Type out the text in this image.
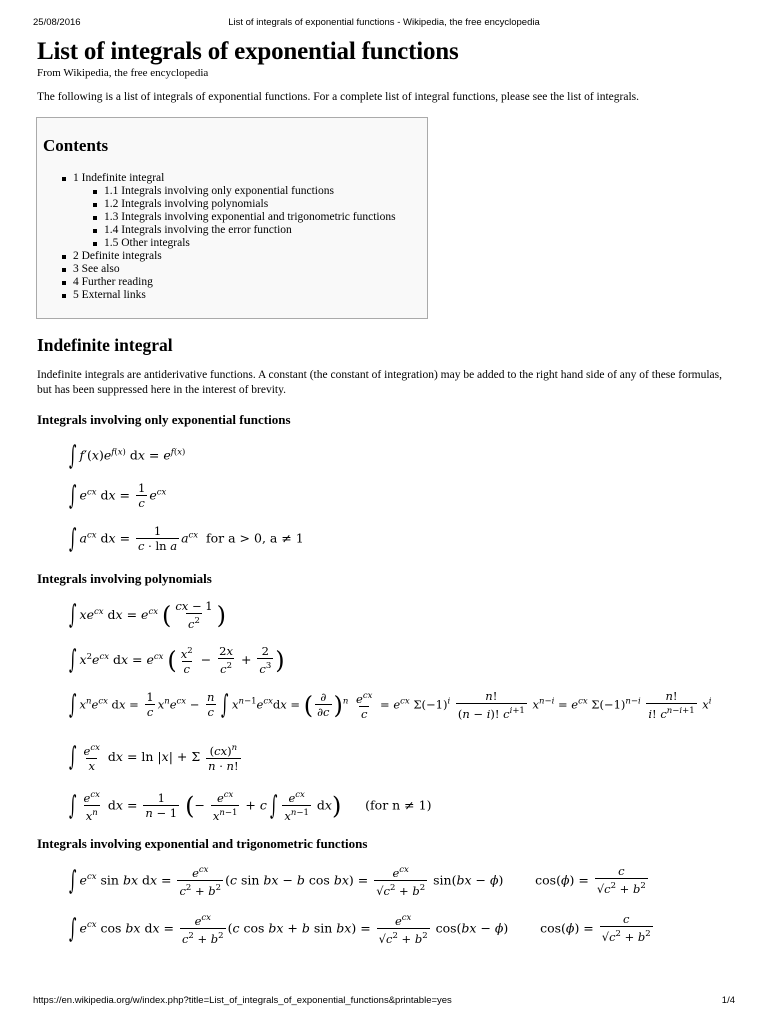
25/08/2016	List of integrals of exponential functions - Wikipedia, the free encyclopedia
List of integrals of exponential functions
From Wikipedia, the free encyclopedia
The following is a list of integrals of exponential functions. For a complete list of integral functions, please see the list of integrals.
Contents
1 Indefinite integral
1.1 Integrals involving only exponential functions
1.2 Integrals involving polynomials
1.3 Integrals involving exponential and trigonometric functions
1.4 Integrals involving the error function
1.5 Other integrals
2 Definite integrals
3 See also
4 Further reading
5 External links
Indefinite integral
Indefinite integrals are antiderivative functions. A constant (the constant of integration) may be added to the right hand side of any of these formulas, but has been suppressed here in the interest of brevity.
Integrals involving only exponential functions
∫ $f'(x)e^{f(x)}$ dx = $e^{f(x)}$
∫ $e^{cx}$ dx = $\frac{1}{c} e^{cx}$
∫ $a^{cx}$ dx = $\frac{1}{\text{c · ln a}} a^{cx}$ for a > 0, a ≠ 1
Integrals involving polynomials
∫ $xe^{cx}$ dx = $e^{cx}$ ( $\frac{cx - 1}{c^2}$ )
∫ $x^2e^{cx}$ dx = $e^{cx}$ ( $\frac{x^2}{c} - \frac{2x}{c^2} + \frac{2}{c^3}$ )
∫ $x^ne^{cx}$ dx = $\frac{1}{c} x^ne^{cx} - \frac{n}{c}$ ∫ $x^{n-1}e^{cx}dx$ = ( $\frac{\partial}{\partial c} )^n \frac{e^{cx}}{c} = e^{cx}$ $\Sigma(-1)^i \frac{n!}{(n - i)! c^{i+1}} x^{n-i} = e^{cx}$ $\Sigma(-1)^{n-i} \frac{n!}{i! c^{n-i+1}} x^i$
∫ $\frac{e^{cx}}{x}$ dx = ln |x| + Σ $\frac{(cx)^n}{n \cdot n!}$
∫ $\frac{e^{cx}}{x^n}$ dx = $\frac{1}{n - 1}$ (− $\frac{e^{cx}}{x^{n-1}} + c$ ∫ $\frac{e^{cx}}{x^{n-1}} dx$) (for n ≠ 1)
Integrals involving exponential and trigonometric functions
∫ $e^{cx}$ sin bx dx = $\frac{e^{cx}}{c^2 + b^2} (c$ sin bx − b $\cos bx) = \frac{e^{cx}}{√c^2 + b^2} \sin(bx - \phi)$        $\cos(\phi) = \frac{c}{√c^2 + b^2}$
∫ $e^{cx}$ cos bx dx = $\frac{e^{cx}}{c^2 + b^2} (c$ cos bx + b $\sin bx) = \frac{e^{cx}}{√c^2 + b^2} \cos(bx - \phi)$        $\cos(\phi) = \frac{c}{√c^2 + b^2}$
https://en.wikipedia.org/w/index.php?title=List_of_integrals_of_exponential_functions&printable=yes	1/4
